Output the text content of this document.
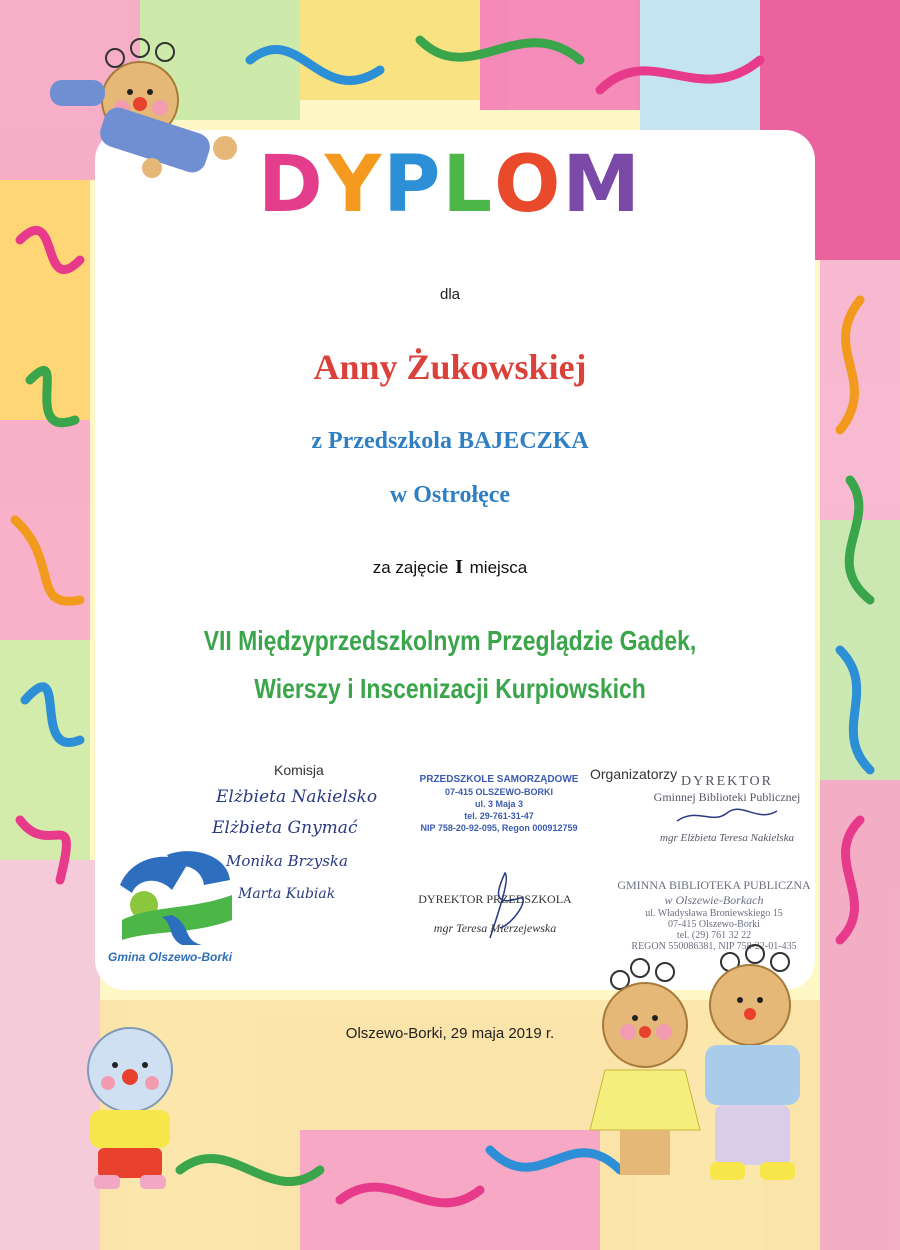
DYPLOM
dla
Anny Żukowskiej
z Przedszkola BAJECZKA
w Ostrołęce
za zajęcie I miejsca
VII Międzyprzedszkolnym Przeglądzie Gadek,
Wierszy i Inscenizacji Kurpiowskich
Komisja	Organizatorzy
PRZEDSZKOLE SAMORZĄDOWE
07-415 OLSZEWO-BORKI
ul. 3 Maja 3
tel. 29-761-31-47
NIP 758-20-92-095, Regon 000912759
Elżbieta Nakielsko
Elżbieta Gnymać
Monika Brzyska
Marta Kubiak
DYREKTOR
Gminnej Biblioteki Publicznej
mgr Elżbieta Teresa Nakielska
GMINNA BIBLIOTEKA PUBLICZNA
w Olszewie-Borkach
ul. Władysława Broniewskiego 15
07-415 Olszewo-Borki
tel. (29) 761 32 22
REGON 550086381, NIP 758-22-01-435
DYREKTOR PRZEDSZKOLA
mgr Teresa Mierzejewska
Gmina Olszewo-Borki
Olszewo-Borki, 29 maja 2019 r.
